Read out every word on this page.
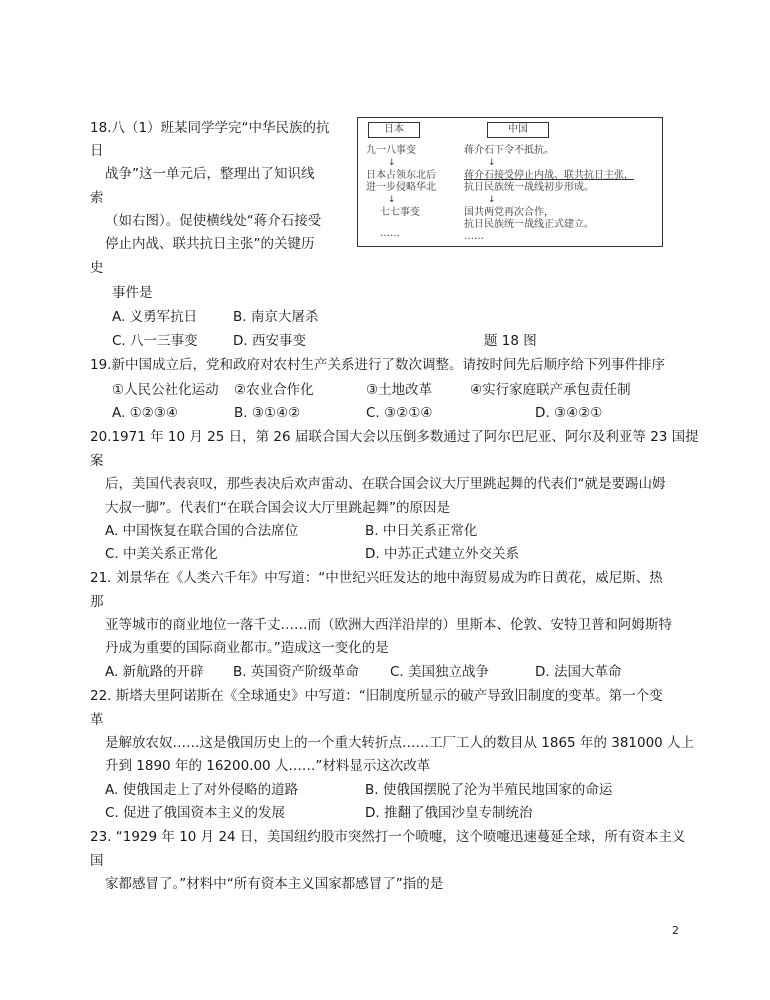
18.八（1）班某同学学完“中华民族的抗
日
战争”这一单元后，整理出了知识线
索
（如右图）。促使横线处“蒋介石接受
停止内战、联共抗日主张”的关键历
史
事件是
A. 义勇军抗日	B. 南京大屠杀
C. 八一三事变	D. 西安事变	题 18 图
日本	中国
九一八事变
↓
日本占领东北后
进一步侵略华北
↓
七七事变
……
蒋介石下令不抵抗。
↓
蒋介石接受停止内战、联共抗日主张，
抗日民族统一战线初步形成。
↓
国共两党再次合作，
抗日民族统一战线正式建立。
……
19.新中国成立后，党和政府对农村生产关系进行了数次调整。请按时间先后顺序给下列事件排序
①人民公社化运动 ②农业合作化	③土地改革	④实行家庭联产承包责任制
A. ①②③④	B. ③①④②	C. ③②①④	D. ③④②①
20.1971 年 10 月 25 日，第 26 届联合国大会以压倒多数通过了阿尔巴尼亚、阿尔及利亚等 23 国提
案
后，美国代表哀叹，那些表决后欢声雷动、在联合国会议大厅里跳起舞的代表们“就是要踢山姆
大叔一脚”。代表们“在联合国会议大厅里跳起舞”的原因是
A. 中国恢复在联合国的合法席位	B. 中日关系正常化
C. 中美关系正常化	D. 中苏正式建立外交关系
21. 刘景华在《人类六千年》中写道：“中世纪兴旺发达的地中海贸易成为昨日黄花，威尼斯、热
那
亚等城市的商业地位一落千丈……而（欧洲大西洋沿岸的）里斯本、伦敦、安特卫普和阿姆斯特
丹成为重要的国际商业都市。”造成这一变化的是
A. 新航路的开辟 B. 英国资产阶级革命 C. 美国独立战争	D. 法国大革命
22. 斯塔夫里阿诺斯在《全球通史》中写道：“旧制度所显示的破产导致旧制度的变革。第一个变
革
是解放农奴……这是俄国历史上的一个重大转折点……工厂工人的数目从 1865 年的 381000 人上
升到 1890 年的 16200.00 人……”材料显示这次改革
A. 使俄国走上了对外侵略的道路	B. 使俄国摆脱了沦为半殖民地国家的命运
C. 促进了俄国资本主义的发展	D. 推翻了俄国沙皇专制统治
23. “1929 年 10 月 24 日，美国纽约股市突然打一个喷嚏，这个喷嚏迅速蔓延全球，所有资本主义
国
家都感冒了。”材料中“所有资本主义国家都感冒了”指的是
2
